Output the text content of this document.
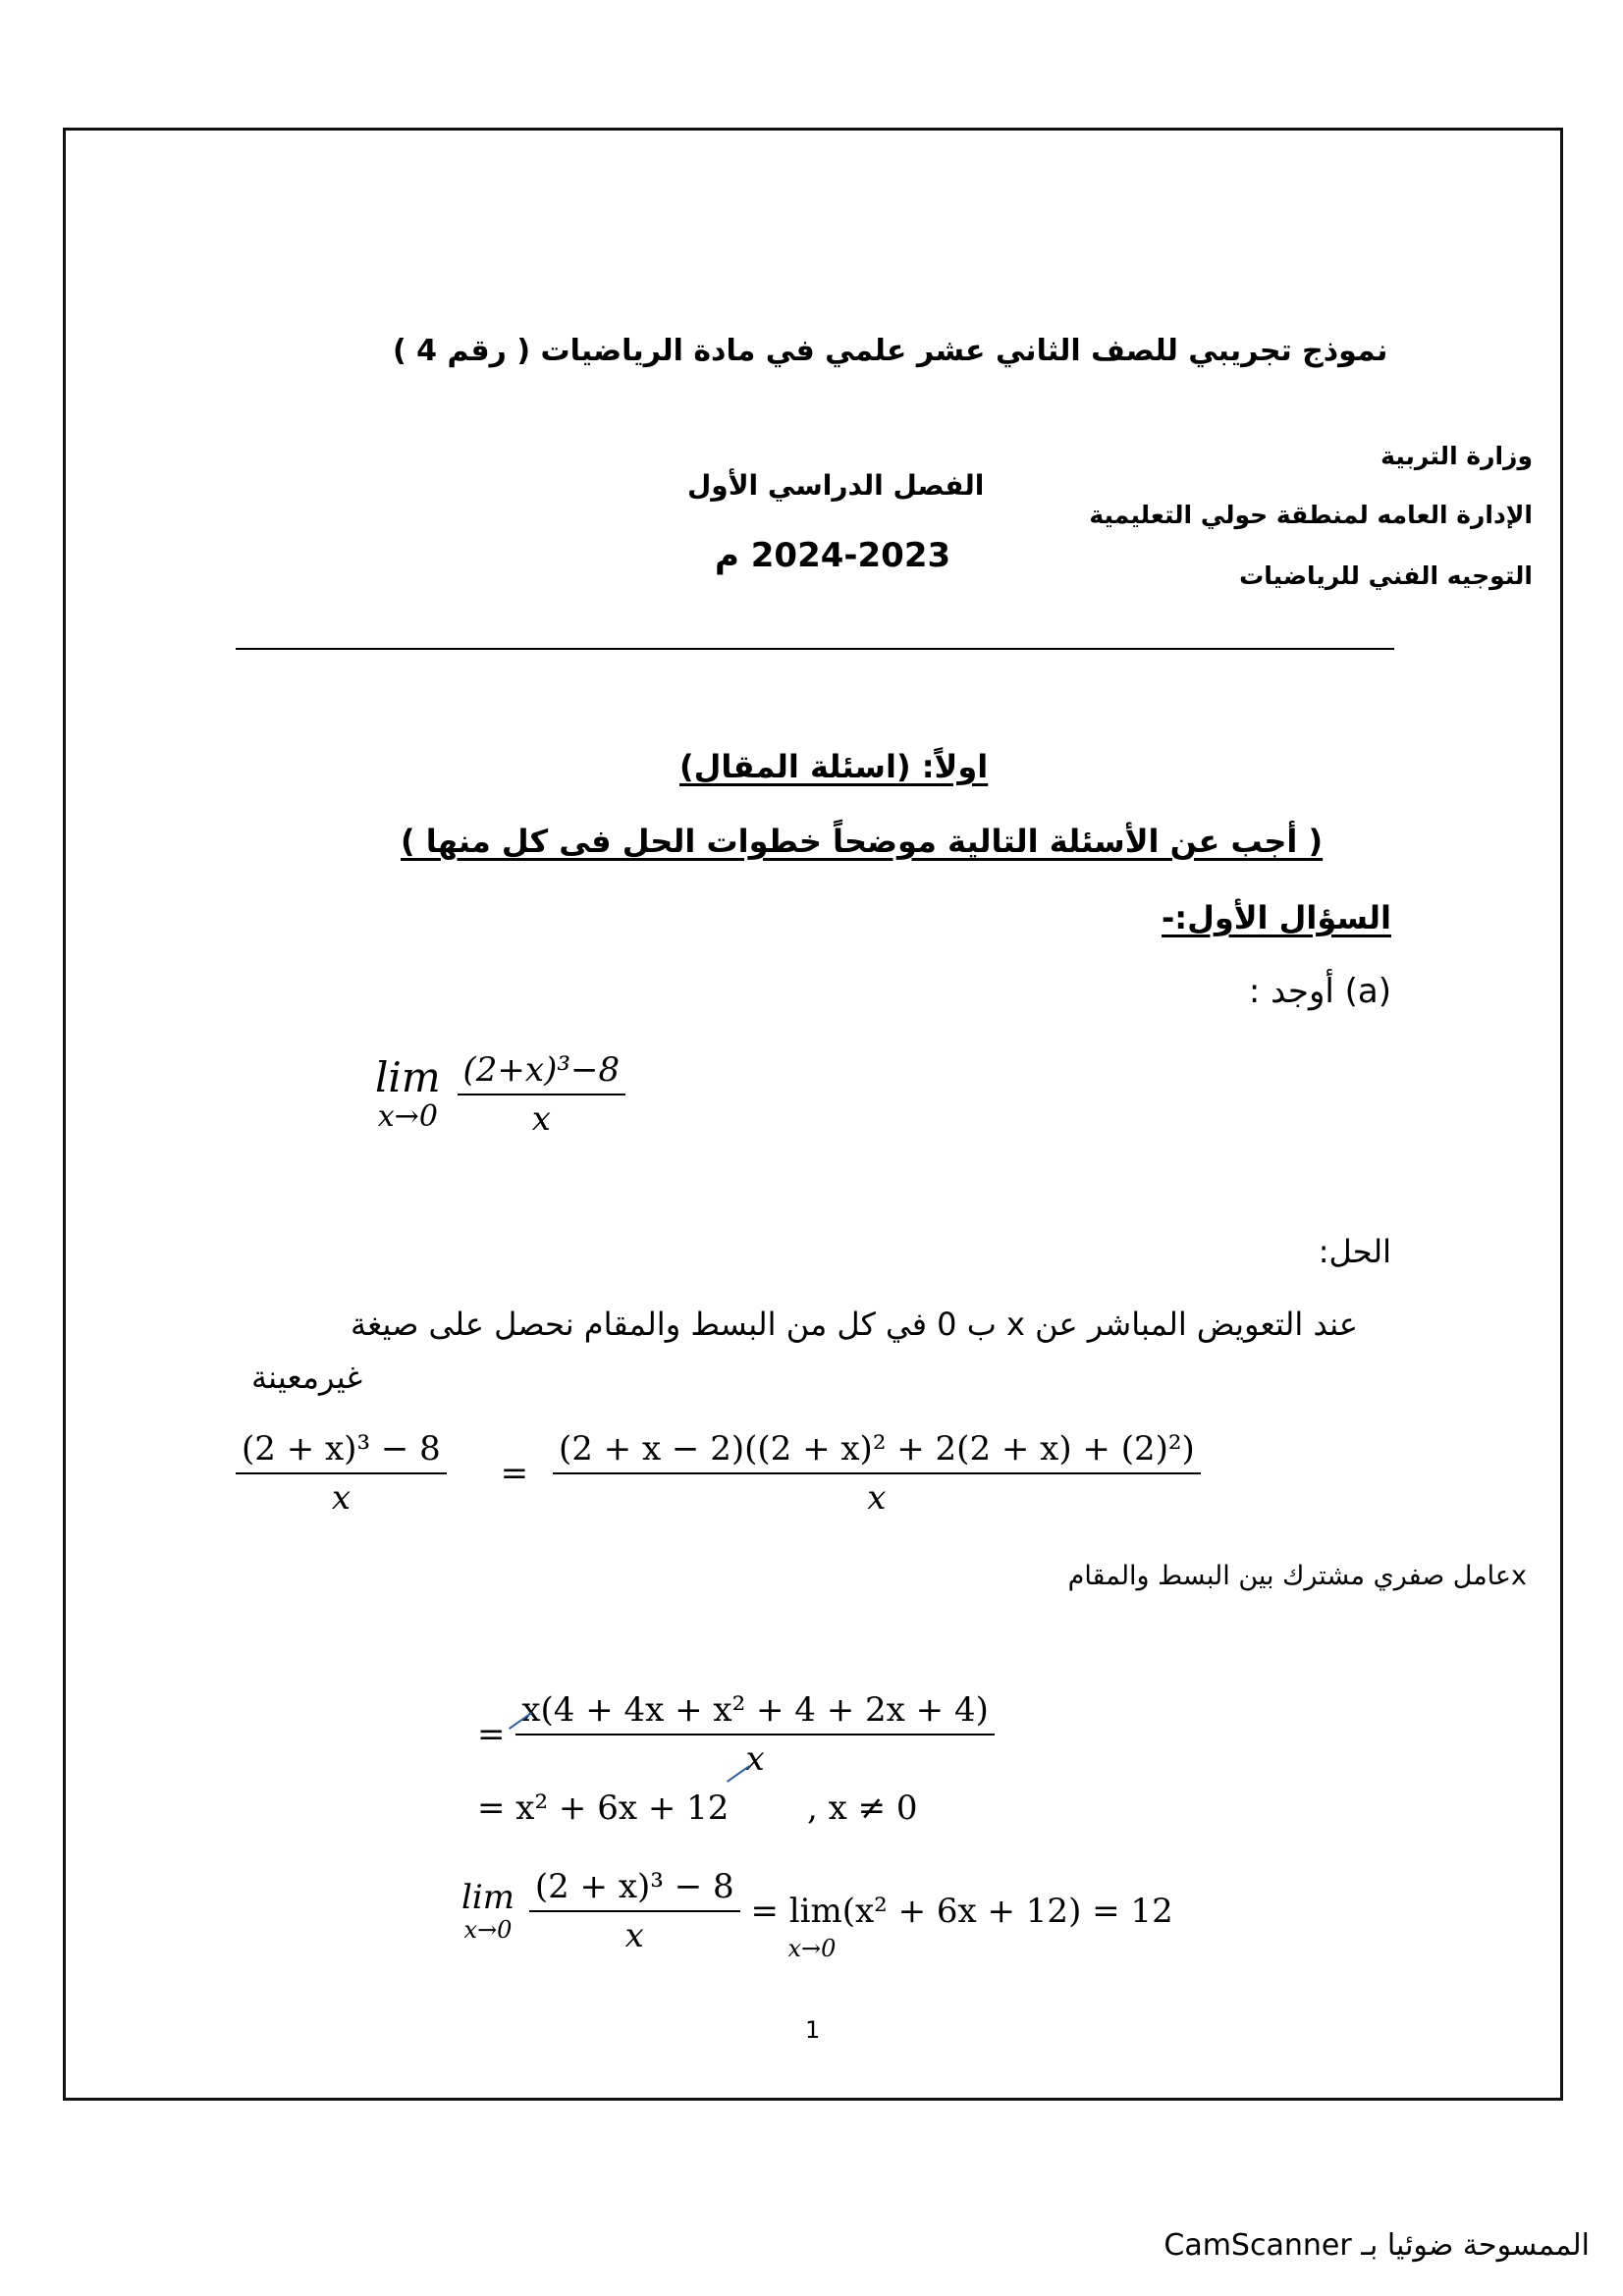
نموذج تجريبي للصف الثاني عشر علمي في مادة الرياضيات ( رقم 4 )
وزارة التربية
الإدارة العامه لمنطقة حولي التعليمية
التوجيه الفني للرياضيات
الفصل الدراسي الأول
2024-2023 م
اولاً: (اسئلة المقال)
( أجب عن الأسئلة التالية موضحاً خطوات الحل فى كل منها )
السؤال الأول:-
(a) أوجد :
lim
x→0
$\frac{\text{(2+x)³−8}}{x}$
الحل:
عند التعويض المباشر عن x ب 0 في كل من البسط والمقام نحصل على صيغة
غيرمعينة
$\frac{\text{(2 + x)³ − 8}}{x} = \frac{\text{(2 + x − 2)((2 + x)² + 2(2 + x) + (2)²)}}{x}$
xعامل صفري مشترك بين البسط والمقام
= $\frac{\text{x(4 + 4x + x² + 4 + 2x + 4)}}{x}$
= x² + 6x + 12 , x ≠ 0
lim
x→0
$\frac{\text{(2 + x)³ − 8}}{x} = \lim(x^2 + 6x + 12) = 12$
x→0
1
الممسوحة ضوئيا بـ CamScanner
